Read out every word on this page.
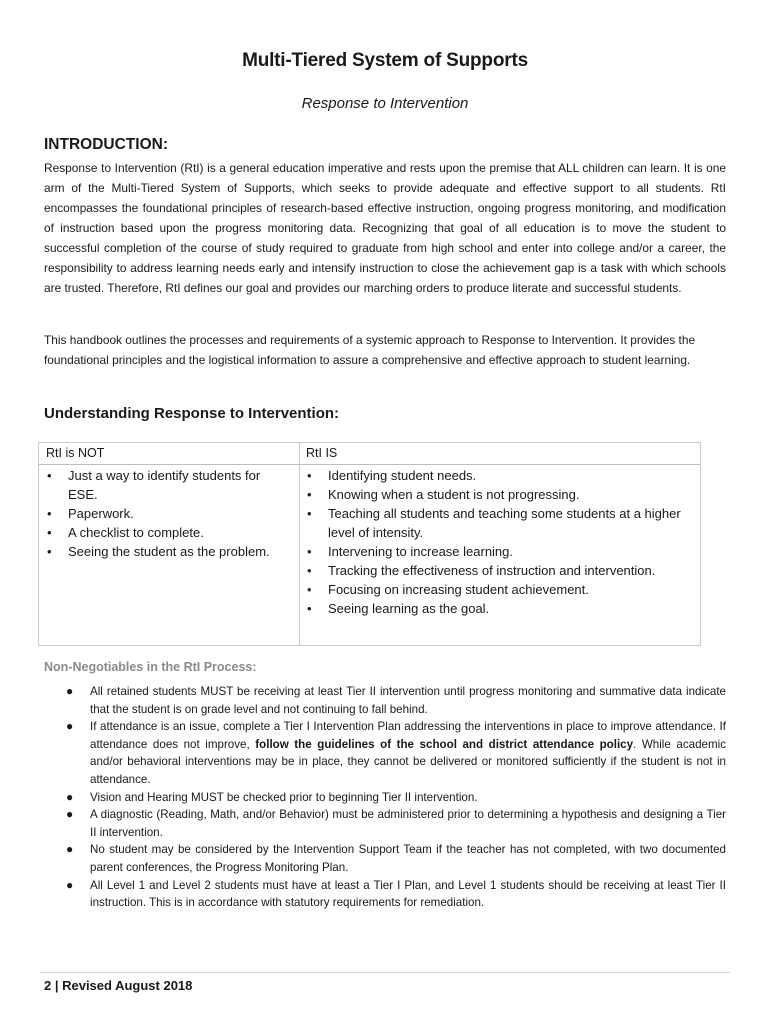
Multi-Tiered System of Supports
Response to Intervention
INTRODUCTION:

Response to Intervention (RtI) is a general education imperative and rests upon the premise that ALL children can learn. It is one arm of the Multi-Tiered System of Supports, which seeks to provide adequate and effective support to all students. RtI encompasses the foundational principles of research-based effective instruction, ongoing progress monitoring, and modification of instruction based upon the progress monitoring data. Recognizing that goal of all education is to move the student to successful completion of the course of study required to graduate from high school and enter into college and/or a career, the responsibility to address learning needs early and intensify instruction to close the achievement gap is a task with which schools are trusted. Therefore, RtI defines our goal and provides our marching orders to produce literate and successful students.

This handbook outlines the processes and requirements of a systemic approach to Response to Intervention. It provides the foundational principles and the logistical information to assure a comprehensive and effective approach to student learning.

Understanding Response to Intervention:
RtI is NOT
• Just a way to identify students for ESE.
• Paperwork.
• A checklist to complete.
• Seeing the student as the problem.
RtI IS
• Identifying student needs.
• Knowing when a student is not progressing.
• Teaching all students and teaching some students at a higher level of intensity.
• Intervening to increase learning.
• Tracking the effectiveness of instruction and intervention.
• Focusing on increasing student achievement.
• Seeing learning as the goal.
Non-Negotiables in the RtI Process:
● All retained students MUST be receiving at least Tier II intervention until progress monitoring and summative data indicate that the student is on grade level and not continuing to fall behind.
● If attendance is an issue, complete a Tier I Intervention Plan addressing the interventions in place to improve attendance. If attendance does not improve, follow the guidelines of the school and district attendance policy. While academic and/or behavioral interventions may be in place, they cannot be delivered or monitored sufficiently if the student is not in attendance.
● Vision and Hearing MUST be checked prior to beginning Tier II intervention.
● A diagnostic (Reading, Math, and/or Behavior) must be administered prior to determining a hypothesis and designing a Tier II intervention.
● No student may be considered by the Intervention Support Team if the teacher has not completed, with two documented parent conferences, the Progress Monitoring Plan.
● All Level 1 and Level 2 students must have at least a Tier I Plan, and Level 1 students should be receiving at least Tier II instruction. This is in accordance with statutory requirements for remediation.
2 | Revised August 2018
